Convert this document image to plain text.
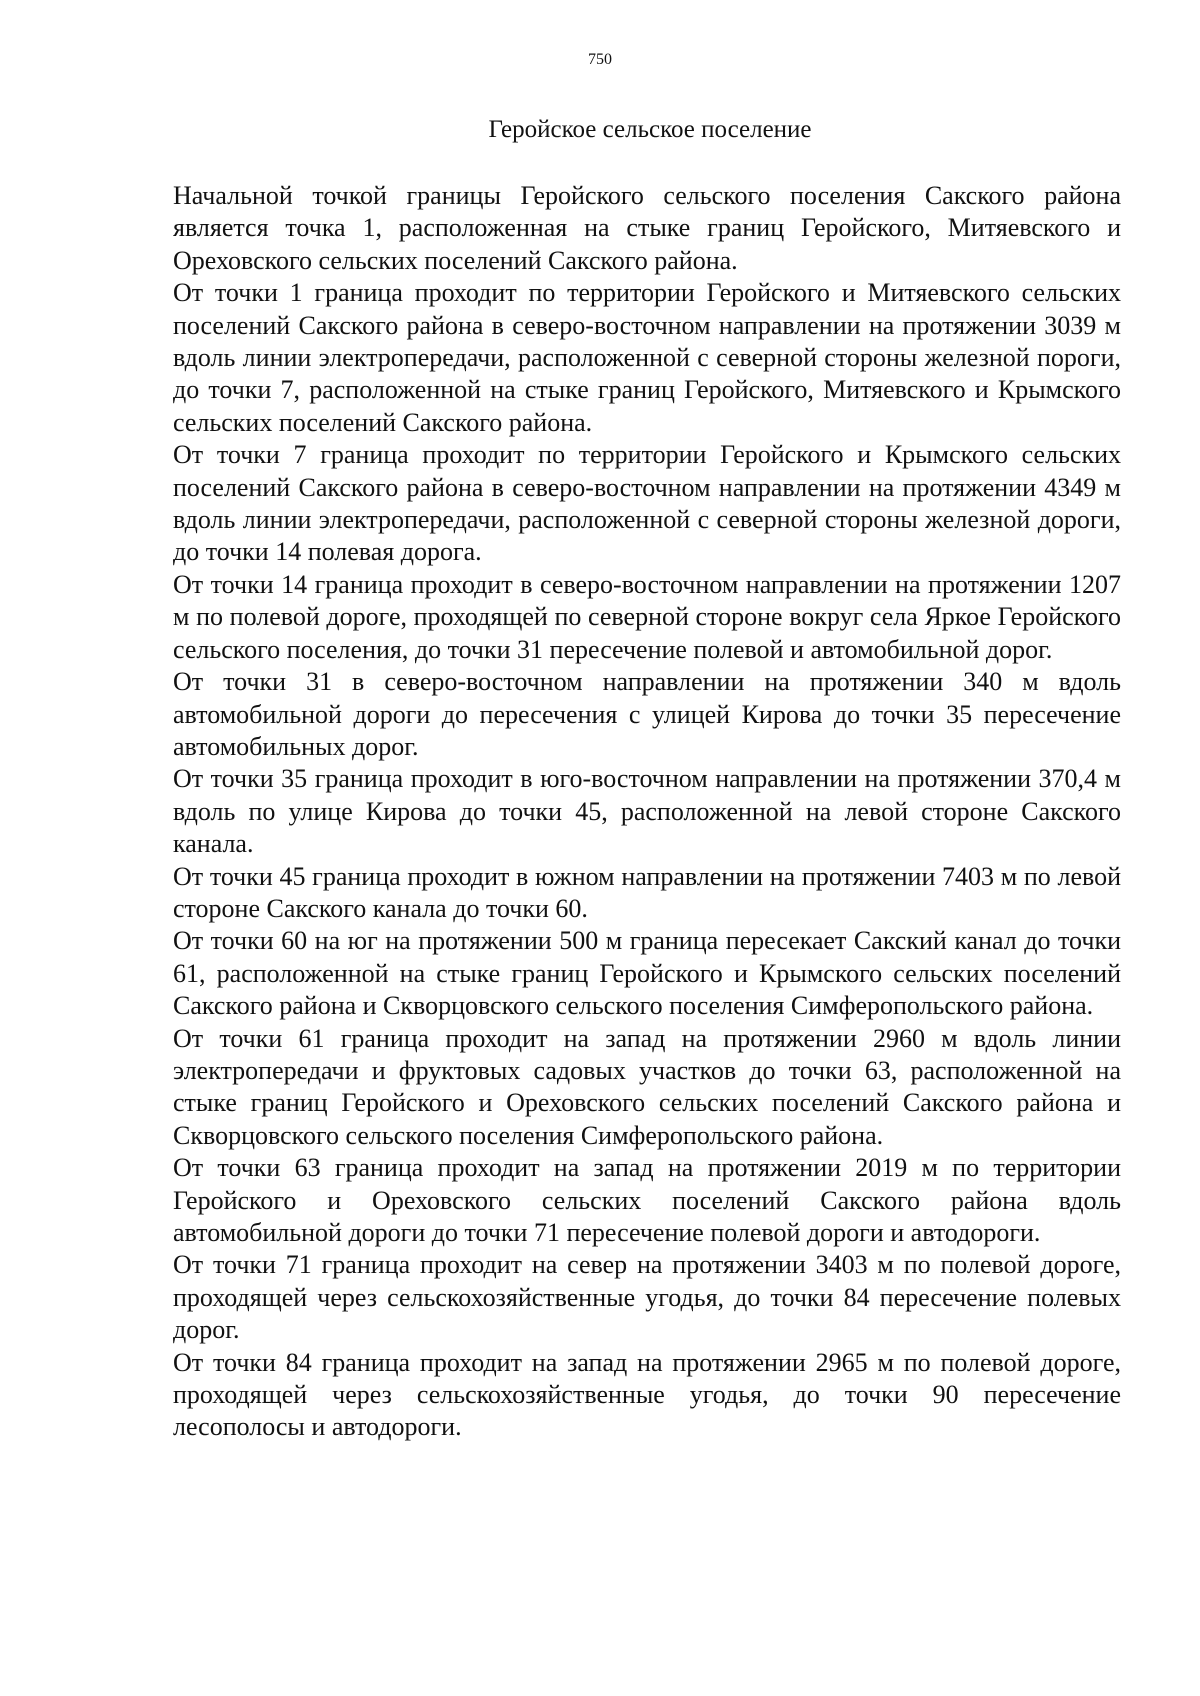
750
Геройское сельское поселение

Начальной точкой границы Геройского сельского поселения Сакского района является точка 1, расположенная на стыке границ Геройского, Митяевского и Ореховского сельских поселений Сакского района.

От точки 1 граница проходит по территории Геройского и Митяевского сельских поселений Сакского района в северо-восточном направлении на протяжении 3039 м вдоль линии электропередачи, расположенной с северной стороны железной пороги, до точки 7, расположенной на стыке границ Геройского, Митяевского и Крымского сельских поселений Сакского района.

От точки 7 граница проходит по территории Геройского и Крымского сельских поселений Сакского района в северо-восточном направлении на протяжении 4349 м вдоль линии электропередачи, расположенной с северной стороны железной дороги, до точки 14 полевая дорога.

От точки 14 граница проходит в северо-восточном направлении на протяжении 1207 м по полевой дороге, проходящей по северной стороне вокруг села Яркое Геройского сельского поселения, до точки 31 пересечение полевой и автомобильной дорог.

От точки 31 в северо-восточном направлении на протяжении 340 м вдоль автомобильной дороги до пересечения с улицей Кирова до точки 35 пересечение автомобильных дорог.

От точки 35 граница проходит в юго-восточном направлении на протяжении 370,4 м вдоль по улице Кирова до точки 45, расположенной на левой стороне Сакского канала.

От точки 45 граница проходит в южном направлении на протяжении 7403 м по левой стороне Сакского канала до точки 60.

От точки 60 на юг на протяжении 500 м граница пересекает Сакский канал до точки 61, расположенной на стыке границ Геройского и Крымского сельских поселений Сакского района и Скворцовского сельского поселения Симферопольского района.

От точки 61 граница проходит на запад на протяжении 2960 м вдоль линии электропередачи и фруктовых садовых участков до точки 63, расположенной на стыке границ Геройского и Ореховского сельских поселений Сакского района и Скворцовского сельского поселения Симферопольского района.

От точки 63 граница проходит на запад на протяжении 2019 м по территории Геройского и Ореховского сельских поселений Сакского района вдоль автомобильной дороги до точки 71 пересечение полевой дороги и автодороги.

От точки 71 граница проходит на север на протяжении 3403 м по полевой дороге, проходящей через сельскохозяйственные угодья, до точки 84 пересечение полевых дорог.

От точки 84 граница проходит на запад на протяжении 2965 м по полевой дороге, проходящей через сельскохозяйственные угодья, до точки 90 пересечение лесополосы и автодороги.
